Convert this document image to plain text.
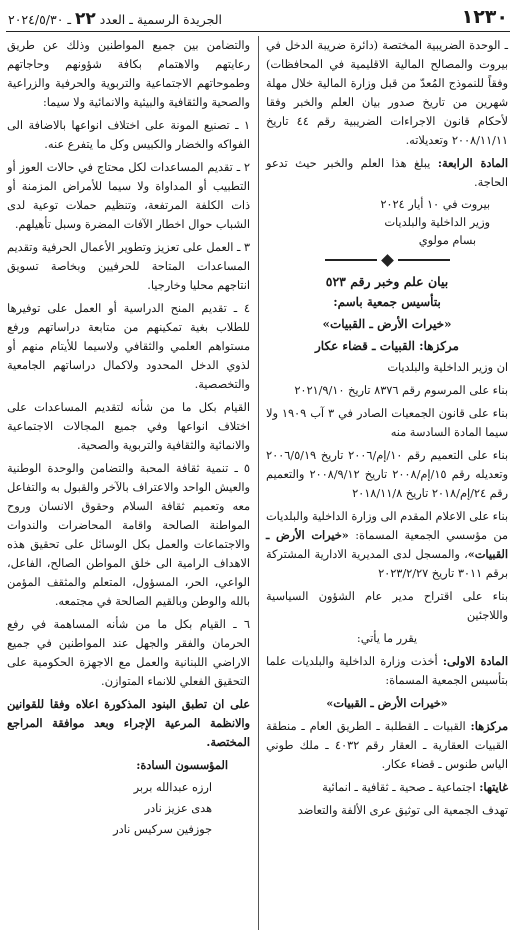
١٢٣٠
الجريدة الرسمية ـ العدد ٢٢ ـ ٢٠٢٤/٥/٣٠

ـ الوحدة الضريبية المختصة (دائرة ضريبة الدخل في بيروت والمصالح المالية الاقليمية في المحافظات) وفقاً للنموذج المُعدّ من قبل وزارة المالية خلال مهلة شهرين من تاريخ صدور بيان العلم والخبر وفقا لأحكام قانون الاجراءات الضريبية رقم ٤٤ تاريخ ٢٠٠٨/١١/١١ وتعديلاته.

المادة الرابعة: يبلغ هذا العلم والخبر حيث تدعو الحاجة.

بيروت في ١٠ أيار ٢٠٢٤

وزير الداخلية والبلديات

بسام مولوي

بيان علم وخبر رقم ٥٢٣

بتأسيس جمعية باسم:

«خيرات الأرض ـ القبيات»

مركزها: القبيات ـ قضاء عكار

ان وزير الداخلية والبلديات

بناء على المرسوم رقم ٨٣٧٦ تاريخ ٢٠٢١/٩/١٠

بناء على قانون الجمعيات الصادر في ٣ آب ١٩٠٩ ولا سيما المادة السادسة منه

بناء على التعميم رقم ١٠/إم/٢٠٠٦ تاريخ ٢٠٠٦/٥/١٩ وتعديله رقم ١٥/إم/٢٠٠٨ تاريخ ٢٠٠٨/٩/١٢ والتعميم رقم ٢٤/إم/٢٠١٨ تاريخ ٢٠١٨/١١/٨

بناء على الاعلام المقدم الى وزارة الداخلية والبلديات من مؤسسي الجمعية المسماة: «خيرات الأرض ـ القبيات»، والمسجل لدى المديرية الادارية المشتركة برقم ٣٠١١ تاريخ ٢٠٢٣/٢/٢٧

بناء على اقتراح مدير عام الشؤون السياسية واللاجئين

يقرر ما يأتي:

المادة الاولى: أخذت وزارة الداخلية والبلديات علما بتأسيس الجمعية المسماة:

«خيرات الأرض ـ القبيات»

مركزها: القبيات ـ القطلبة ـ الطريق العام ـ منطقة القبيات العقارية ـ العقار رقم ٤٠٣٢ ـ ملك طوني الياس طنوس ـ قضاء عكار.

غايتها: اجتماعية ـ صحية ـ ثقافية ـ انمائية

تهدف الجمعية الى توثيق عرى الألفة والتعاضد

والتضامن بين جميع المواطنين وذلك عن طريق رعايتهم والاهتمام بكافة شؤونهم وحاجاتهم وطموحاتهم الاجتماعية والتربوية والحرفية والزراعية والصحية والثقافية والبيئية والانمائية ولا سيما:

١ ـ تصنيع المونة على اختلاف انواعها بالاضافة الى الفواكه والخضار والكبيس وكل ما يتفرع عنه.

٢ ـ تقديم المساعدات لكل محتاج في حالات العوز أو التطبيب أو المداواة ولا سيما للأمراض المزمنة أو ذات الكلفة المرتفعة، وتنظيم حملات توعية لدى الشباب حوال اخطار الآفات المضرة وسبل تأهيلهم.

٣ ـ العمل على تعزيز وتطوير الأعمال الحرفية وتقديم المساعدات المتاحة للحرفيين وبخاصة تسويق انتاجهم محليا وخارجيا.

٤ ـ تقديم المنح الدراسية أو العمل على توفيرها للطلاب بغية تمكينهم من متابعة دراساتهم ورفع مستواهم العلمي والثقافي ولاسيما للأيتام منهم أو لذوي الدخل المحدود ولاكمال دراساتهم الجامعية والتخصصية.

القيام بكل ما من شأنه لتقديم المساعدات على اختلاف انواعها وفي جميع المجالات الاجتماعية والانمائية والثقافية والتربوية والصحية.

٥ ـ تنمية ثقافة المحبة والتضامن والوحدة الوطنية والعيش الواحد والاعتراف بالآخر والقبول به والتفاعل معه وتعميم ثقافة السلام وحقوق الانسان وروح المواطنة الصالحة واقامة المحاضرات والندوات والاجتماعات والعمل بكل الوسائل على تحقيق هذه الاهداف الرامية الى خلق المواطن الصالح، الفاعل، الواعي، الحر، المسؤول، المتعلم والمثقف المؤمن بالله والوطن وبالقيم الصالحة في مجتمعه.

٦ ـ القيام بكل ما من شأنه المساهمة في رفع الحرمان والفقر والجهل عند المواطنين في جميع الاراضي اللبنانية والعمل مع الاجهزة الحكومية على التحقيق الفعلي للانماء المتوازن.

على ان تطبق البنود المذكورة اعلاه وفقا للقوانين والانظمة المرعية الإجراء وبعد موافقة المراجع المختصة.

المؤسسون السادة:

ارزه عبدالله بربر

هدى عزيز نادر

جوزفين سركيس نادر
